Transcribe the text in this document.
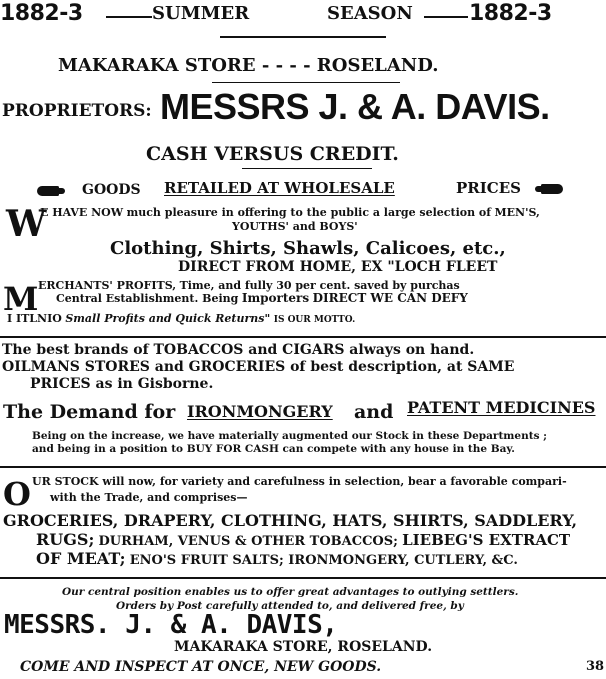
1882-3	SUMMER	SEASON	1882-3
MAKARAKA STORE - - - - ROSELAND.
PROPRIETORS: MESSRS J. & A. DAVIS.
CASH VERSUS CREDIT.
GOODS RETAILED AT WHOLESALE	PRICES
W
E HAVE NOW much pleasure in offering to the public a large selection of MEN'S,
YOUTHS' and BOYS'
Clothing, Shirts, Shawls, Calicoes, etc.,
DIRECT FROM HOME, EX "LOCH FLEET
M ERCHANTS' PROFITS, Time, and fully 30 per cent. saved by purchas
Central Establishment. Being Importers DIRECT WE CAN DEFY
I ITLNIO Small Profits and Quick Returns" IS OUR MOTTO.
The best brands of TOBACCOS and CIGARS always on hand.
OILMANS STORES and GROCERIES of best description, at SAME
PRICES as in Gisborne.
The Demand for IRONMONGERY and PATENT MEDICINES
Being on the increase, we have materially augmented our Stock in these Departments ;
and being in a position to BUY FOR CASH can compete with any house in the Bay.
O UR STOCK will now, for variety and carefulness in selection, bear a favorable compari-
with the Trade, and comprises—
GROCERIES, DRAPERY, CLOTHING, HATS, SHIRTS, SADDLERY,
RUGS; DURHAM, VENUS & OTHER TOBACCOS; LIEBEG'S EXTRACT
OF MEAT; ENO'S FRUIT SALTS; IRONMONGERY, CUTLERY, &C.
Our central position enables us to offer great advantages to outlying settlers.
Orders by Post carefully attended to, and delivered free, by
MESSRS. J. & A. DAVIS,
MAKARAKA STORE, ROSELAND.
COME AND INSPECT AT ONCE, NEW GOODS.	38
